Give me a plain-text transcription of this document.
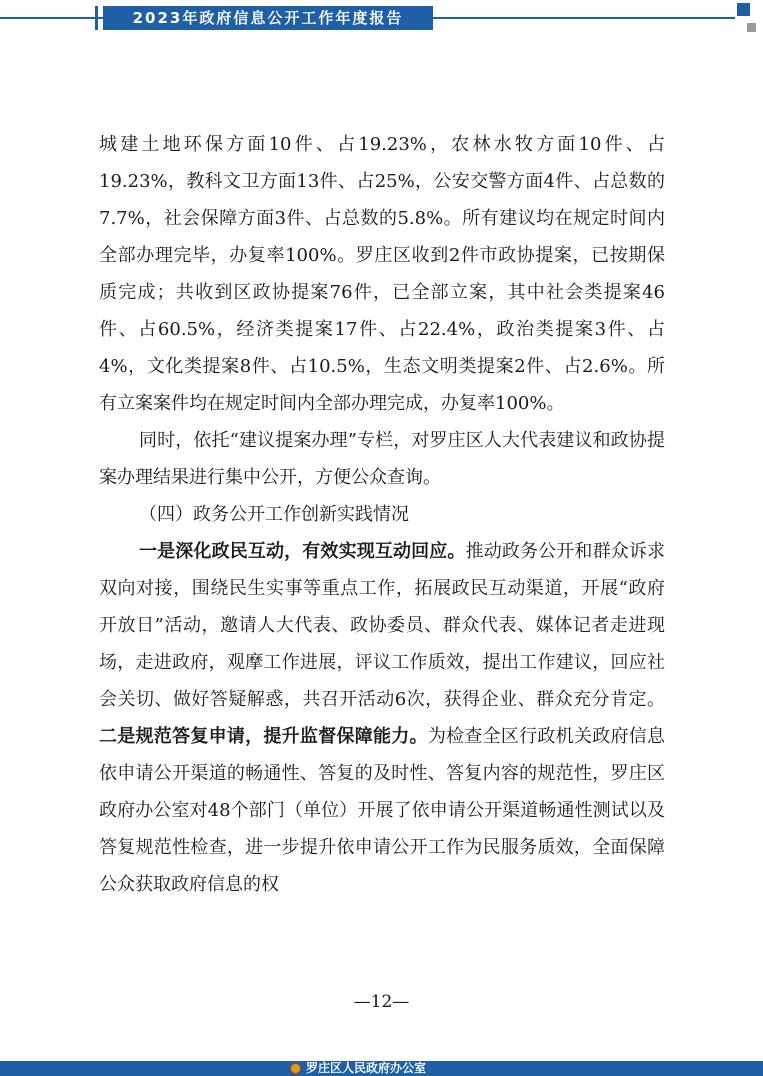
2023年政府信息公开工作年度报告

城建土地环保方面10件、占19.23%，农林水牧方面10件、占19.23%，教科文卫方面13件、占25%，公安交警方面4件、占总数的7.7%，社会保障方面3件、占总数的5.8%。所有建议均在规定时间内全部办理完毕，办复率100%。罗庄区收到2件市政协提案，已按期保质完成；共收到区政协提案76件，已全部立案，其中社会类提案46件、占60.5%，经济类提案17件、占22.4%，政治类提案3件、占4%，文化类提案8件、占10.5%，生态文明类提案2件、占2.6%。所有立案案件均在规定时间内全部办理完成，办复率100%。

同时，依托“建议提案办理”专栏，对罗庄区人大代表建议和政协提案办理结果进行集中公开，方便公众查询。

（四）政务公开工作创新实践情况

一是深化政民互动，有效实现互动回应。推动政务公开和群众诉求双向对接，围绕民生实事等重点工作，拓展政民互动渠道，开展“政府开放日”活动，邀请人大代表、政协委员、群众代表、媒体记者走进现场，走进政府，观摩工作进展，评议工作质效，提出工作建议，回应社会关切、做好答疑解惑，共召开活动6次，获得企业、群众充分肯定。二是规范答复申请，提升监督保障能力。为检查全区行政机关政府信息依申请公开渠道的畅通性、答复的及时性、答复内容的规范性，罗庄区政府办公室对48个部门（单位）开展了依申请公开渠道畅通性测试以及答复规范性检查，进一步提升依申请公开工作为民服务质效，全面保障公众获取政府信息的权

—12—
罗庄区人民政府办公室
